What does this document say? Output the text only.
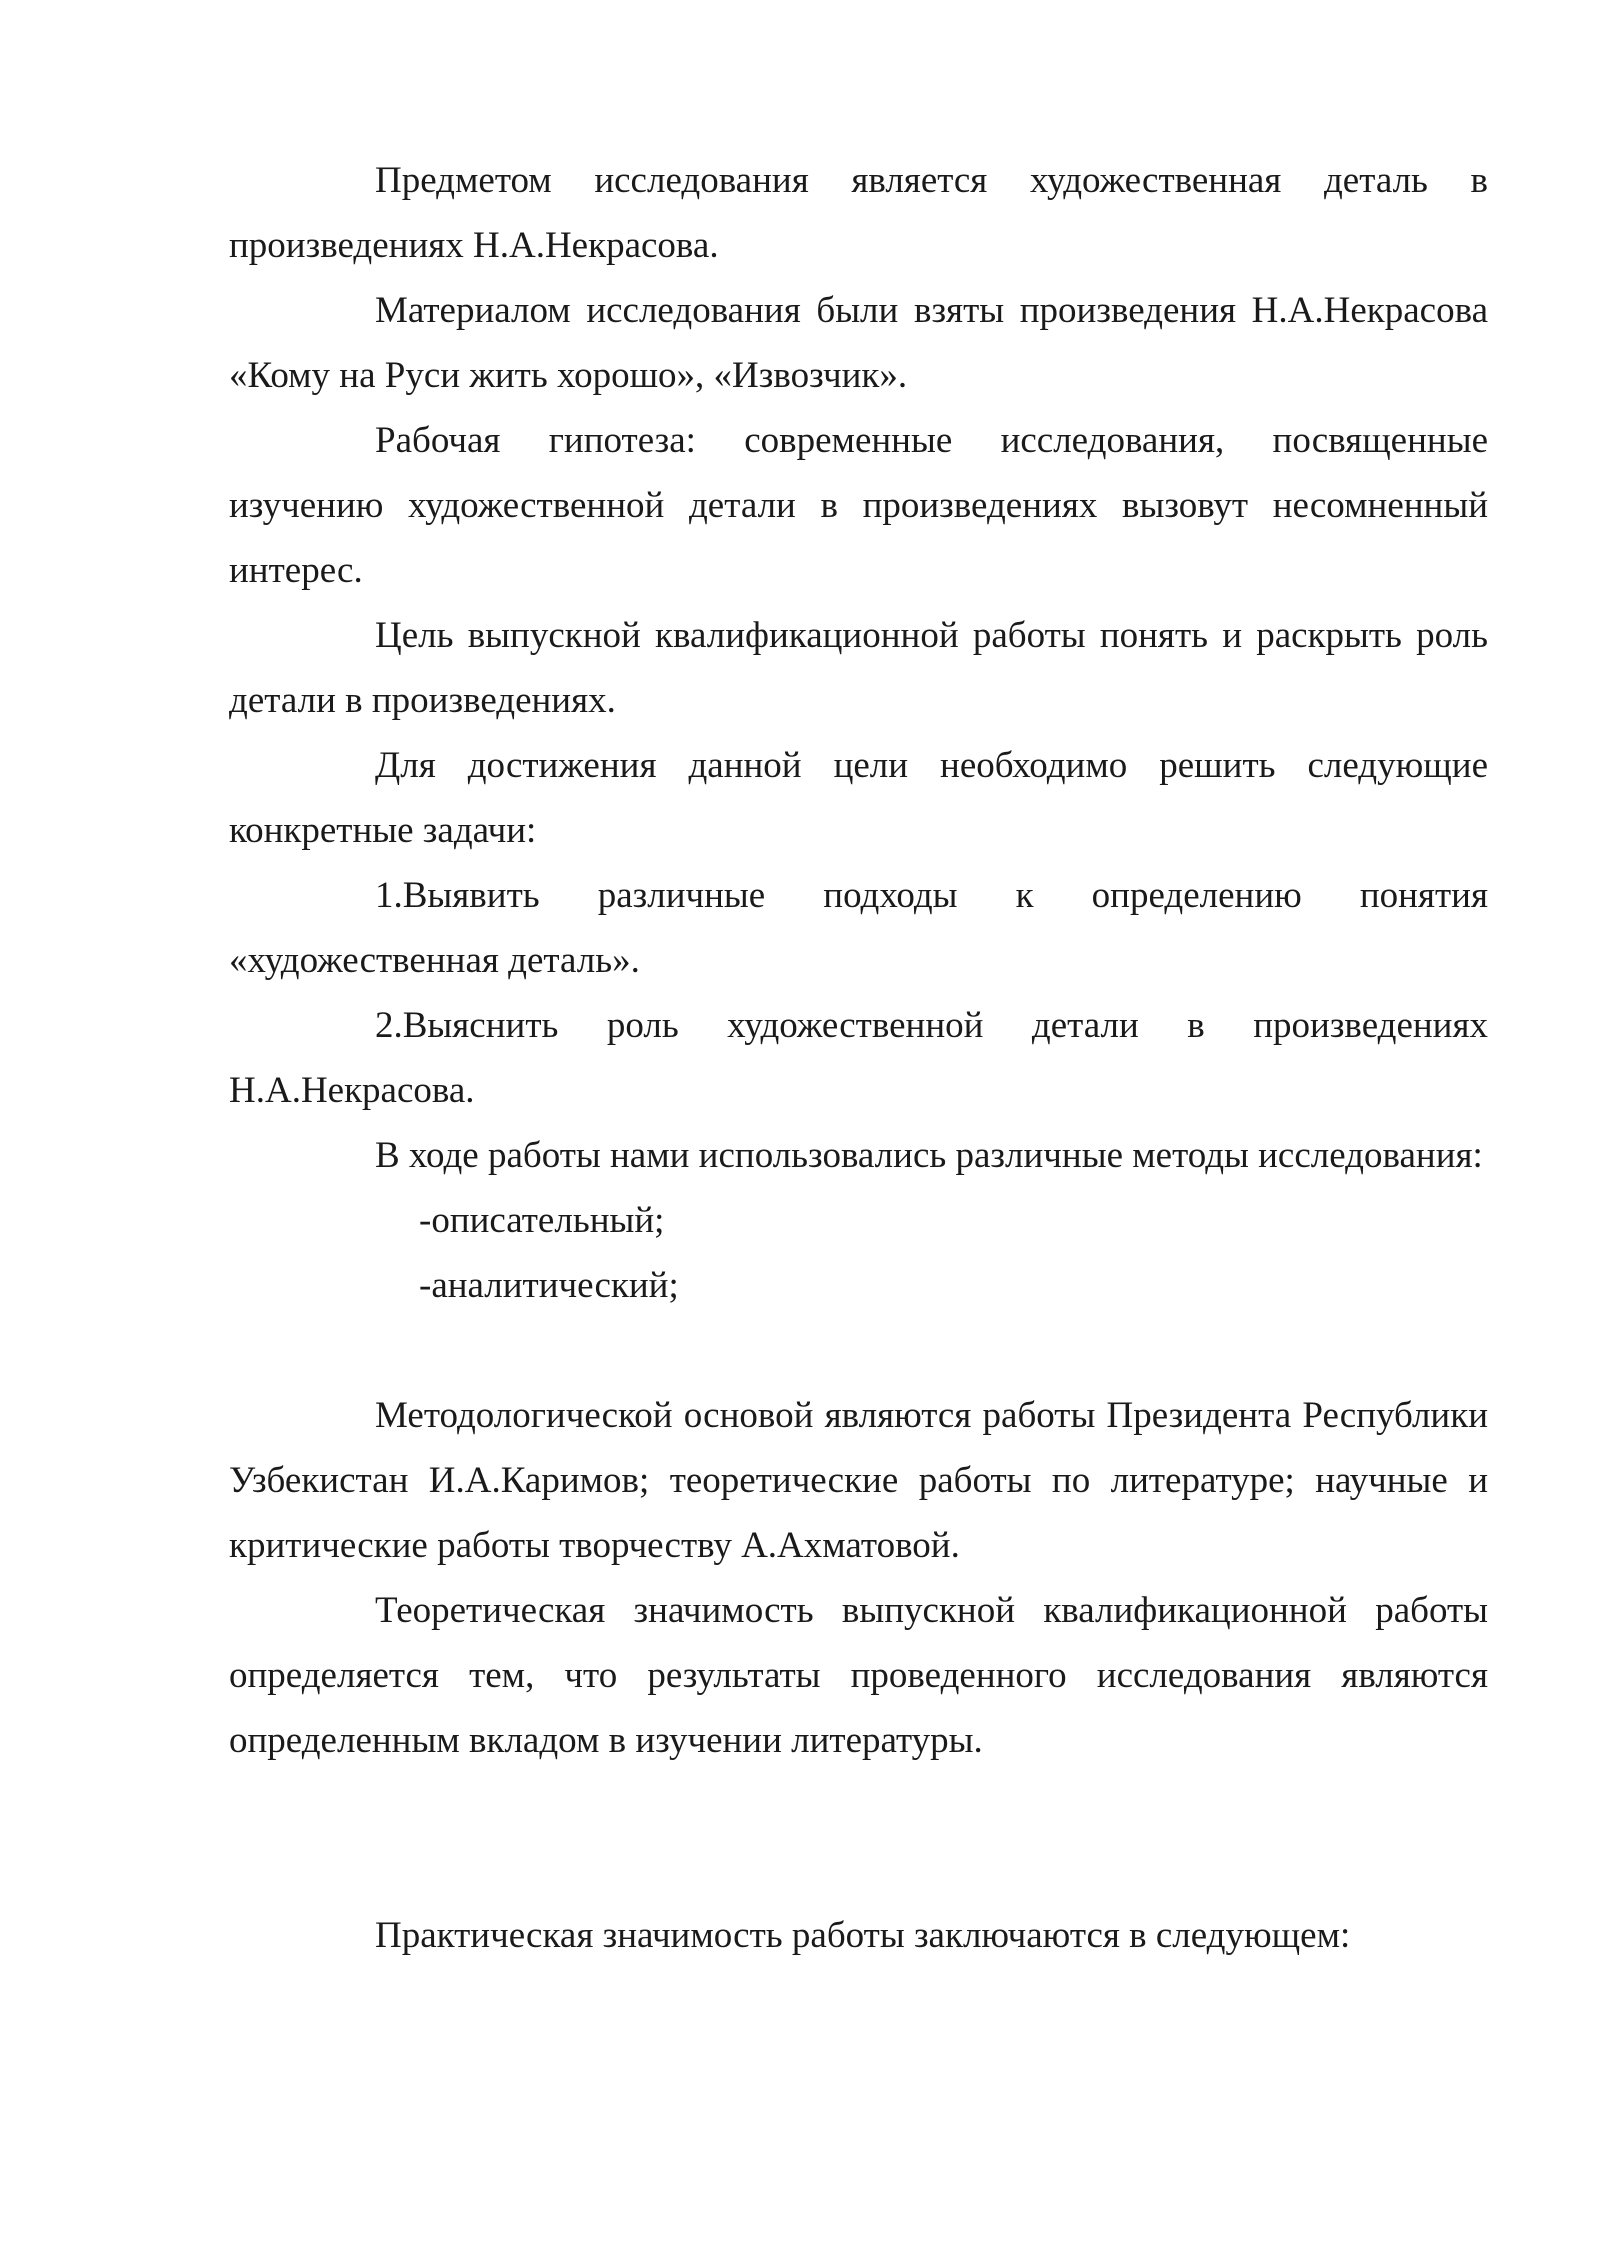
Предметом исследования является художественная деталь в произведениях Н.А.Некрасова.

Материалом исследования были взяты произведения Н.А.Некрасова «Кому на Руси жить хорошо», «Извозчик».

Рабочая гипотеза: современные исследования, посвященные изучению художественной детали в произведениях вызовут несомненный интерес.

Цель выпускной квалификационной работы понять и раскрыть роль детали в произведениях.

Для достижения данной цели необходимо решить следующие конкретные задачи:

1.Выявить различные подходы к определению понятия «художественная деталь».

2.Выяснить роль художественной детали в произведениях Н.А.Некрасова.

В ходе работы нами использовались различные методы исследования:

-описательный;

-аналитический;

Методологической основой являются работы Президента Республики Узбекистан И.А.Каримов; теоретические работы по литературе; научные и критические работы творчеству А.Ахматовой.

Теоретическая значимость выпускной квалификационной работы определяется тем, что результаты проведенного исследования являются определенным вкладом в изучении литературы.

Практическая значимость работы заключаются в следующем:
